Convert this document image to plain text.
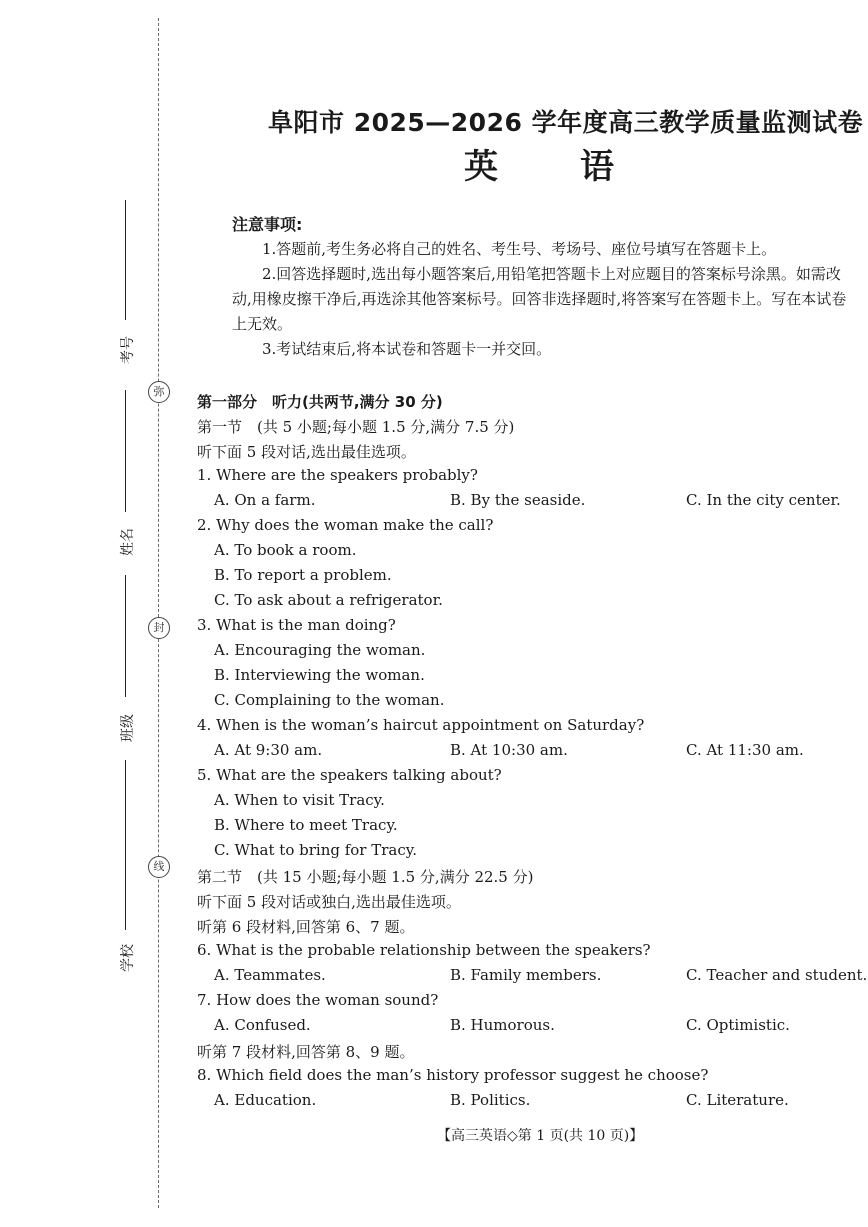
弥
封
线
考号
姓名
班级
学校
阜阳市 2025—2026 学年度高三教学质量监测试卷
英语
注意事项:

1.答题前,考生务必将自己的姓名、考生号、考场号、座位号填写在答题卡上。

2.回答选择题时,选出每小题答案后,用铅笔把答题卡上对应题目的答案标号涂黑。如需改动,用橡皮擦干净后,再选涂其他答案标号。回答非选择题时,将答案写在答题卡上。写在本试卷上无效。

3.考试结束后,将本试卷和答题卡一并交回。

第一部分　听力(共两节,满分 30 分)
第一节　(共 5 小题;每小题 1.5 分,满分 7.5 分)
听下面 5 段对话,选出最佳选项。
1. Where are the speakers probably?
A. On a farm.	B. By the seaside.	C. In the city center.
2. Why does the woman make the call?
A. To book a room.
B. To report a problem.
C. To ask about a refrigerator.
3. What is the man doing?
A. Encouraging the woman.
B. Interviewing the woman.
C. Complaining to the woman.
4. When is the woman’s haircut appointment on Saturday?
A. At 9:30 am.	B. At 10:30 am.	C. At 11:30 am.
5. What are the speakers talking about?
A. When to visit Tracy.
B. Where to meet Tracy.
C. What to bring for Tracy.
第二节　(共 15 小题;每小题 1.5 分,满分 22.5 分)
听下面 5 段对话或独白,选出最佳选项。
听第 6 段材料,回答第 6、7 题。
6. What is the probable relationship between the speakers?
A. Teammates.	B. Family members.	C. Teacher and student.
7. How does the woman sound?
A. Confused.	B. Humorous.	C. Optimistic.
听第 7 段材料,回答第 8、9 题。
8. Which field does the man’s history professor suggest he choose?
A. Education.	B. Politics.	C. Literature.
【高三英语◇第 1 页(共 10 页)】
